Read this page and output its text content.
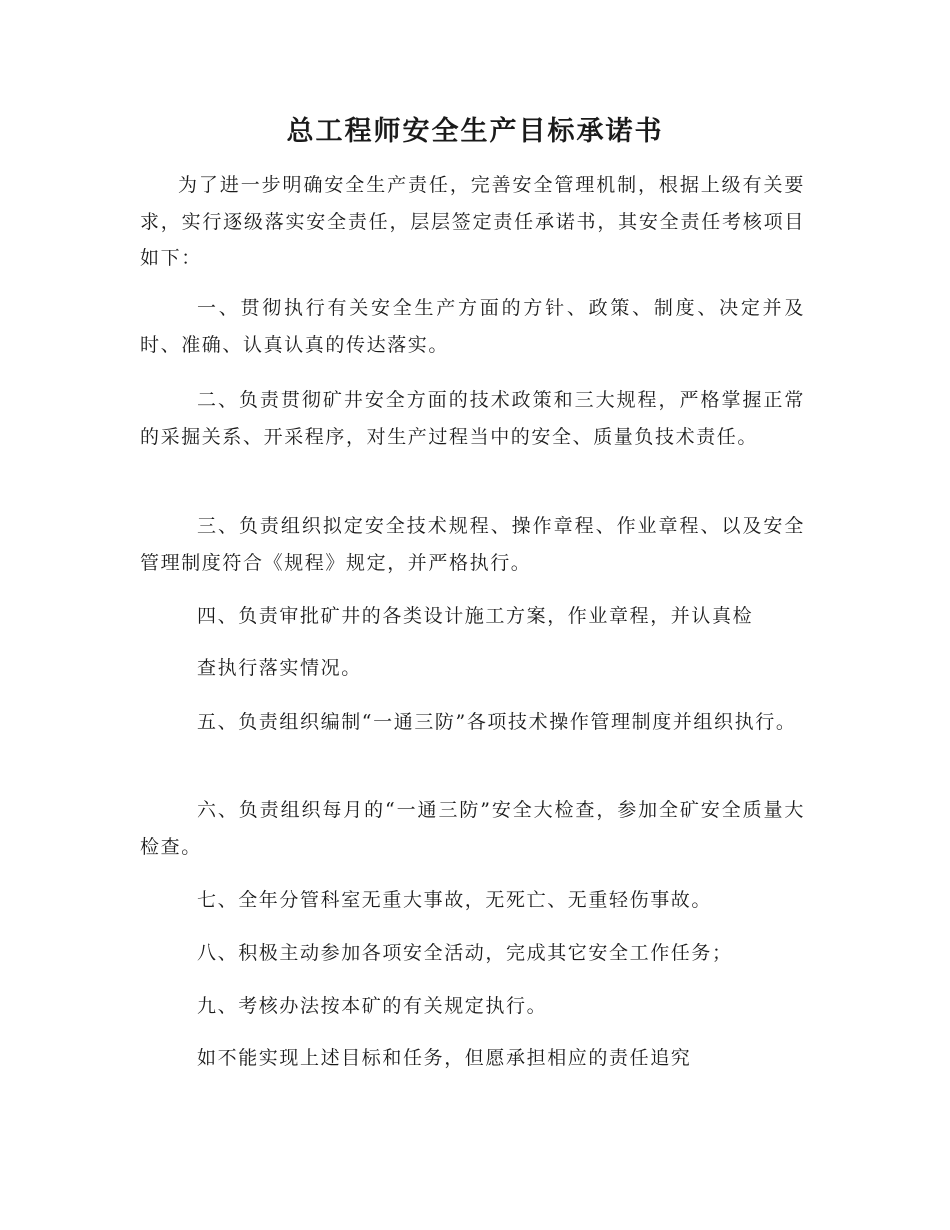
总工程师安全生产目标承诺书

为了进一步明确安全生产责任，完善安全管理机制，根据上级有关要求，实行逐级落实安全责任，层层签定责任承诺书，其安全责任考核项目如下：

一、贯彻执行有关安全生产方面的方针、政策、制度、决定并及时、准确、认真认真的传达落实。

二、负责贯彻矿井安全方面的技术政策和三大规程，严格掌握正常的采掘关系、开采程序，对生产过程当中的安全、质量负技术责任。

三、负责组织拟定安全技术规程、操作章程、作业章程、以及安全管理制度符合《规程》规定，并严格执行。

四、负责审批矿井的各类设计施工方案，作业章程，并认真检

查执行落实情况。

五、负责组织编制“一通三防”各项技术操作管理制度并组织执行。

六、负责组织每月的“一通三防”安全大检查，参加全矿安全质量大检查。

七、全年分管科室无重大事故，无死亡、无重轻伤事故。

八、积极主动参加各项安全活动，完成其它安全工作任务；

九、考核办法按本矿的有关规定执行。

如不能实现上述目标和任务，但愿承担相应的责任追究
